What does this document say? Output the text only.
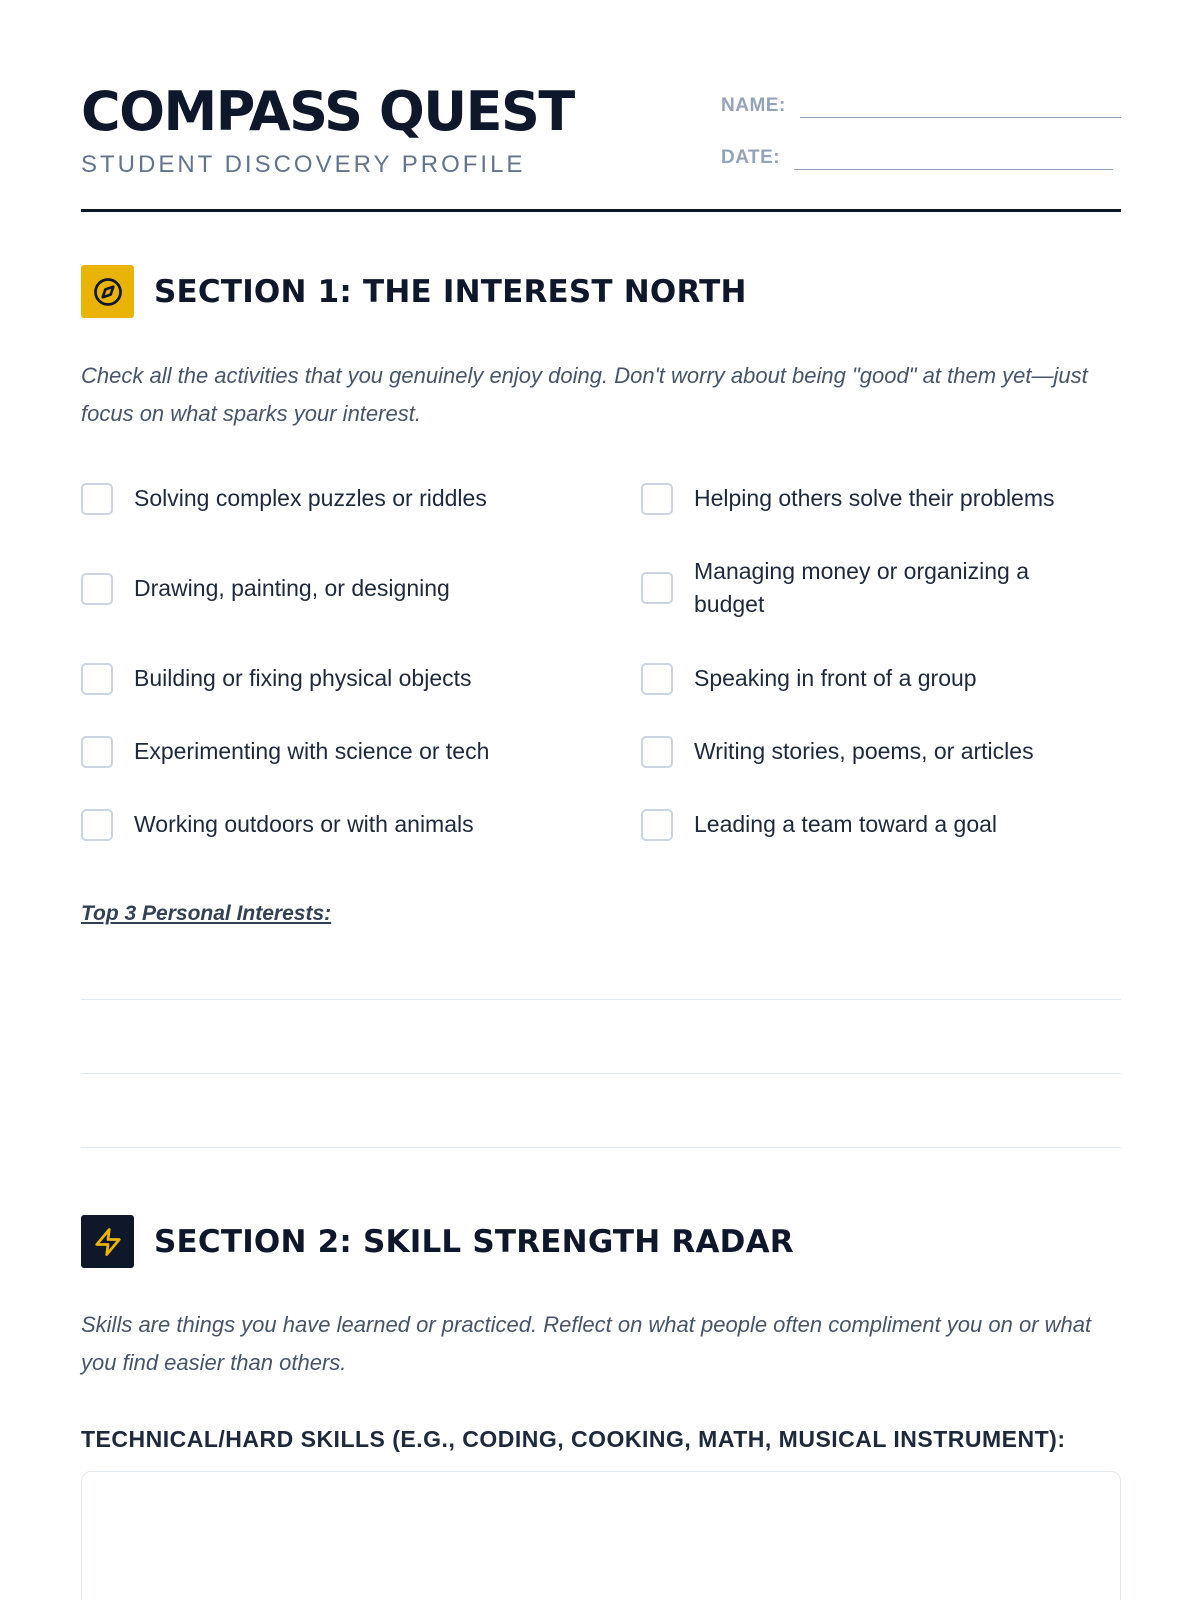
COMPASS QUEST
STUDENT DISCOVERY PROFILE
NAME:
DATE:
SECTION 1: THE INTEREST NORTH
Check all the activities that you genuinely enjoy doing. Don't worry about being "good" at them yet—just focus on what sparks your interest.
Solving complex puzzles or riddles
Drawing, painting, or designing
Building or fixing physical objects
Experimenting with science or tech
Working outdoors or with animals
Helping others solve their problems
Managing money or organizing a budget
Speaking in front of a group
Writing stories, poems, or articles
Leading a team toward a goal
Top 3 Personal Interests:
SECTION 2: SKILL STRENGTH RADAR
Skills are things you have learned or practiced. Reflect on what people often compliment you on or what you find easier than others.
TECHNICAL/HARD SKILLS (E.G., CODING, COOKING, MATH, MUSICAL INSTRUMENT):
